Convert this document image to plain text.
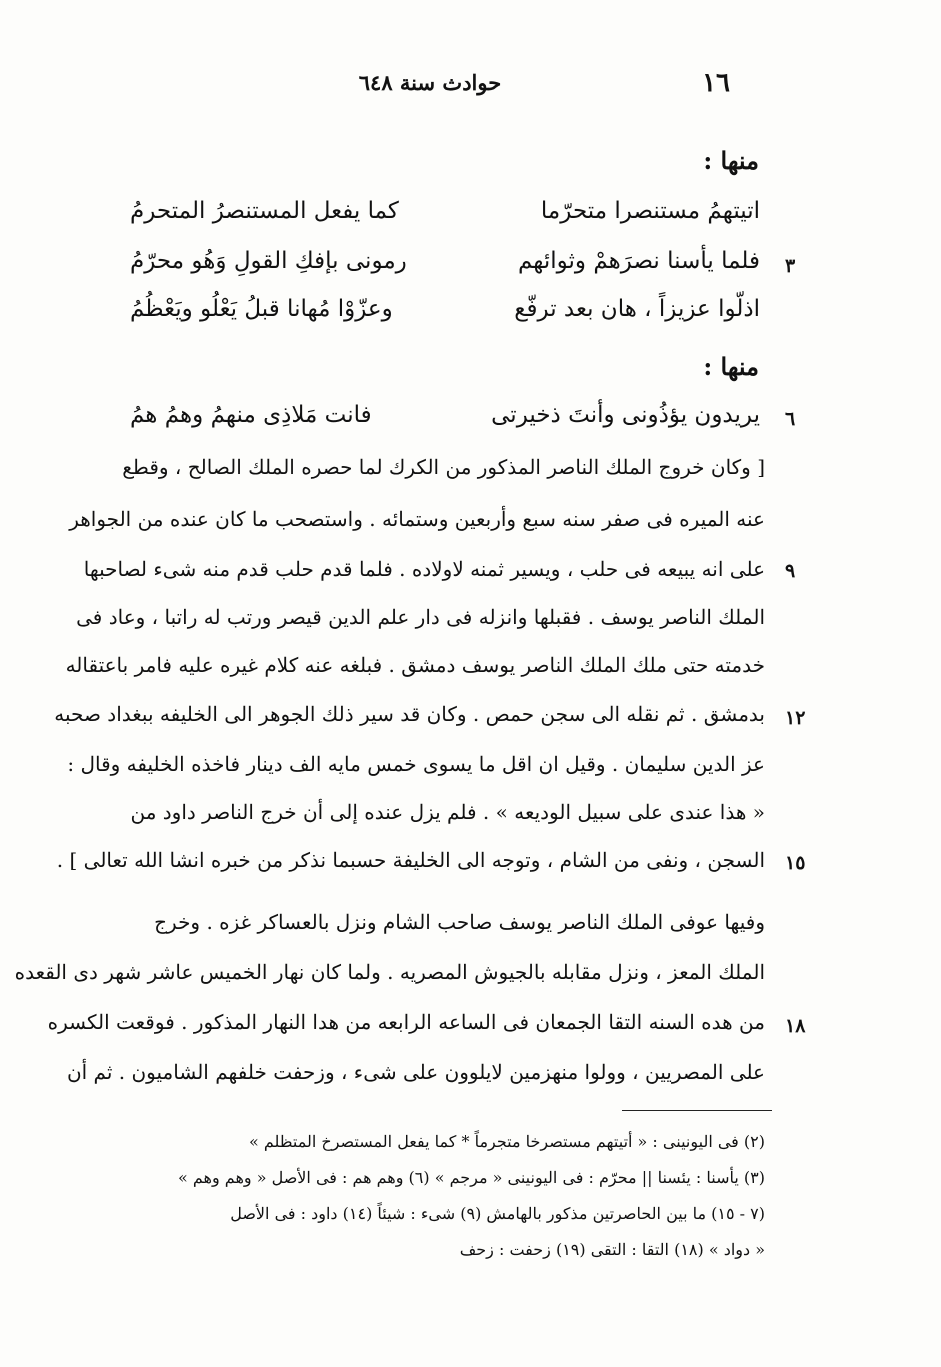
حوادث سنة ٦٤٨	١٦
منها :
اتيتهمُ مستنصرا متحرّما
كما يفعل المستنصرُ المتحرمُ
فلما يأسنا نصرَهمْ وثوائهم
رمونى بإفكِ القولِ وَهُو محرّمُ	٣
اذلّوا عزيزاً ، هان بعد ترفّع
وعزّوْا مُهانا قبلُ يَعْلُو ويَعْظُمُ
منها :
يريدون يؤذُونى وأنتَ ذخيرتى
فانت مَلاذِى منهمُ وهمُ همُ	٦
[ وكان خروج الملك الناصر المذكور من الكرك لما حصره الملك الصالح ، وقطع
عنه الميره فى صفر سنه سبع وأربعين وستمائه . واستصحب ما كان عنده من الجواهر
على انه يبيعه فى حلب ، ويسير ثمنه لاولاده . فلما قدم حلب قدم منه شىء لصاحبها ٩
الملك الناصر يوسف . فقبلها وانزله فى دار علم الدين قيصر ورتب له راتبا ، وعاد فى
خدمته حتى ملك الملك الناصر يوسف دمشق . فبلغه عنه كلام غيره عليه فامر باعتقاله
بدمشق . ثم نقله الى سجن حمص . وكان قد سير ذلك الجوهر الى الخليفه ببغداد صحبه ١٢
عز الدين سليمان . وقيل ان اقل ما يسوى خمس مايه الف دينار فاخذه الخليفه وقال :
« هذا عندى على سبيل الوديعه » . فلم يزل عنده إلى أن خرج الناصر داود من
السجن ، ونفى من الشام ، وتوجه الى الخليفة حسبما نذكر من خبره انشا الله تعالى ] . ١٥
وفيها عوفى الملك الناصر يوسف صاحب الشام ونزل بالعساكر غزه . وخرج
الملك المعز ، ونزل مقابله بالجيوش المصريه . ولما كان نهار الخميس عاشر شهر دى القعده
من هده السنه التقا الجمعان فى الساعه الرابعه من هدا النهار المذكور . فوقعت الكسره ١٨
على المصريين ، وولوا منهزمين لايلوون على شىء ، وزحفت خلفهم الشاميون . ثم أن
(٢) فى اليونينى : « أتيتهم مستصرخا متجرماً * كما يفعل المستصرخ المتظلم »
(٣) يأسنا : يئسنا || محرّم : فى اليونينى « مرجم » (٦) وهم هم : فى الأصل « وهم وهم »
(٧ - ١٥) ما بين الحاصرتين مذكور بالهامش (٩) شىء : شيئاً (١٤) داود : فى الأصل
« دواد » (١٨) التقا : التقى (١٩) زحفت : زحف
